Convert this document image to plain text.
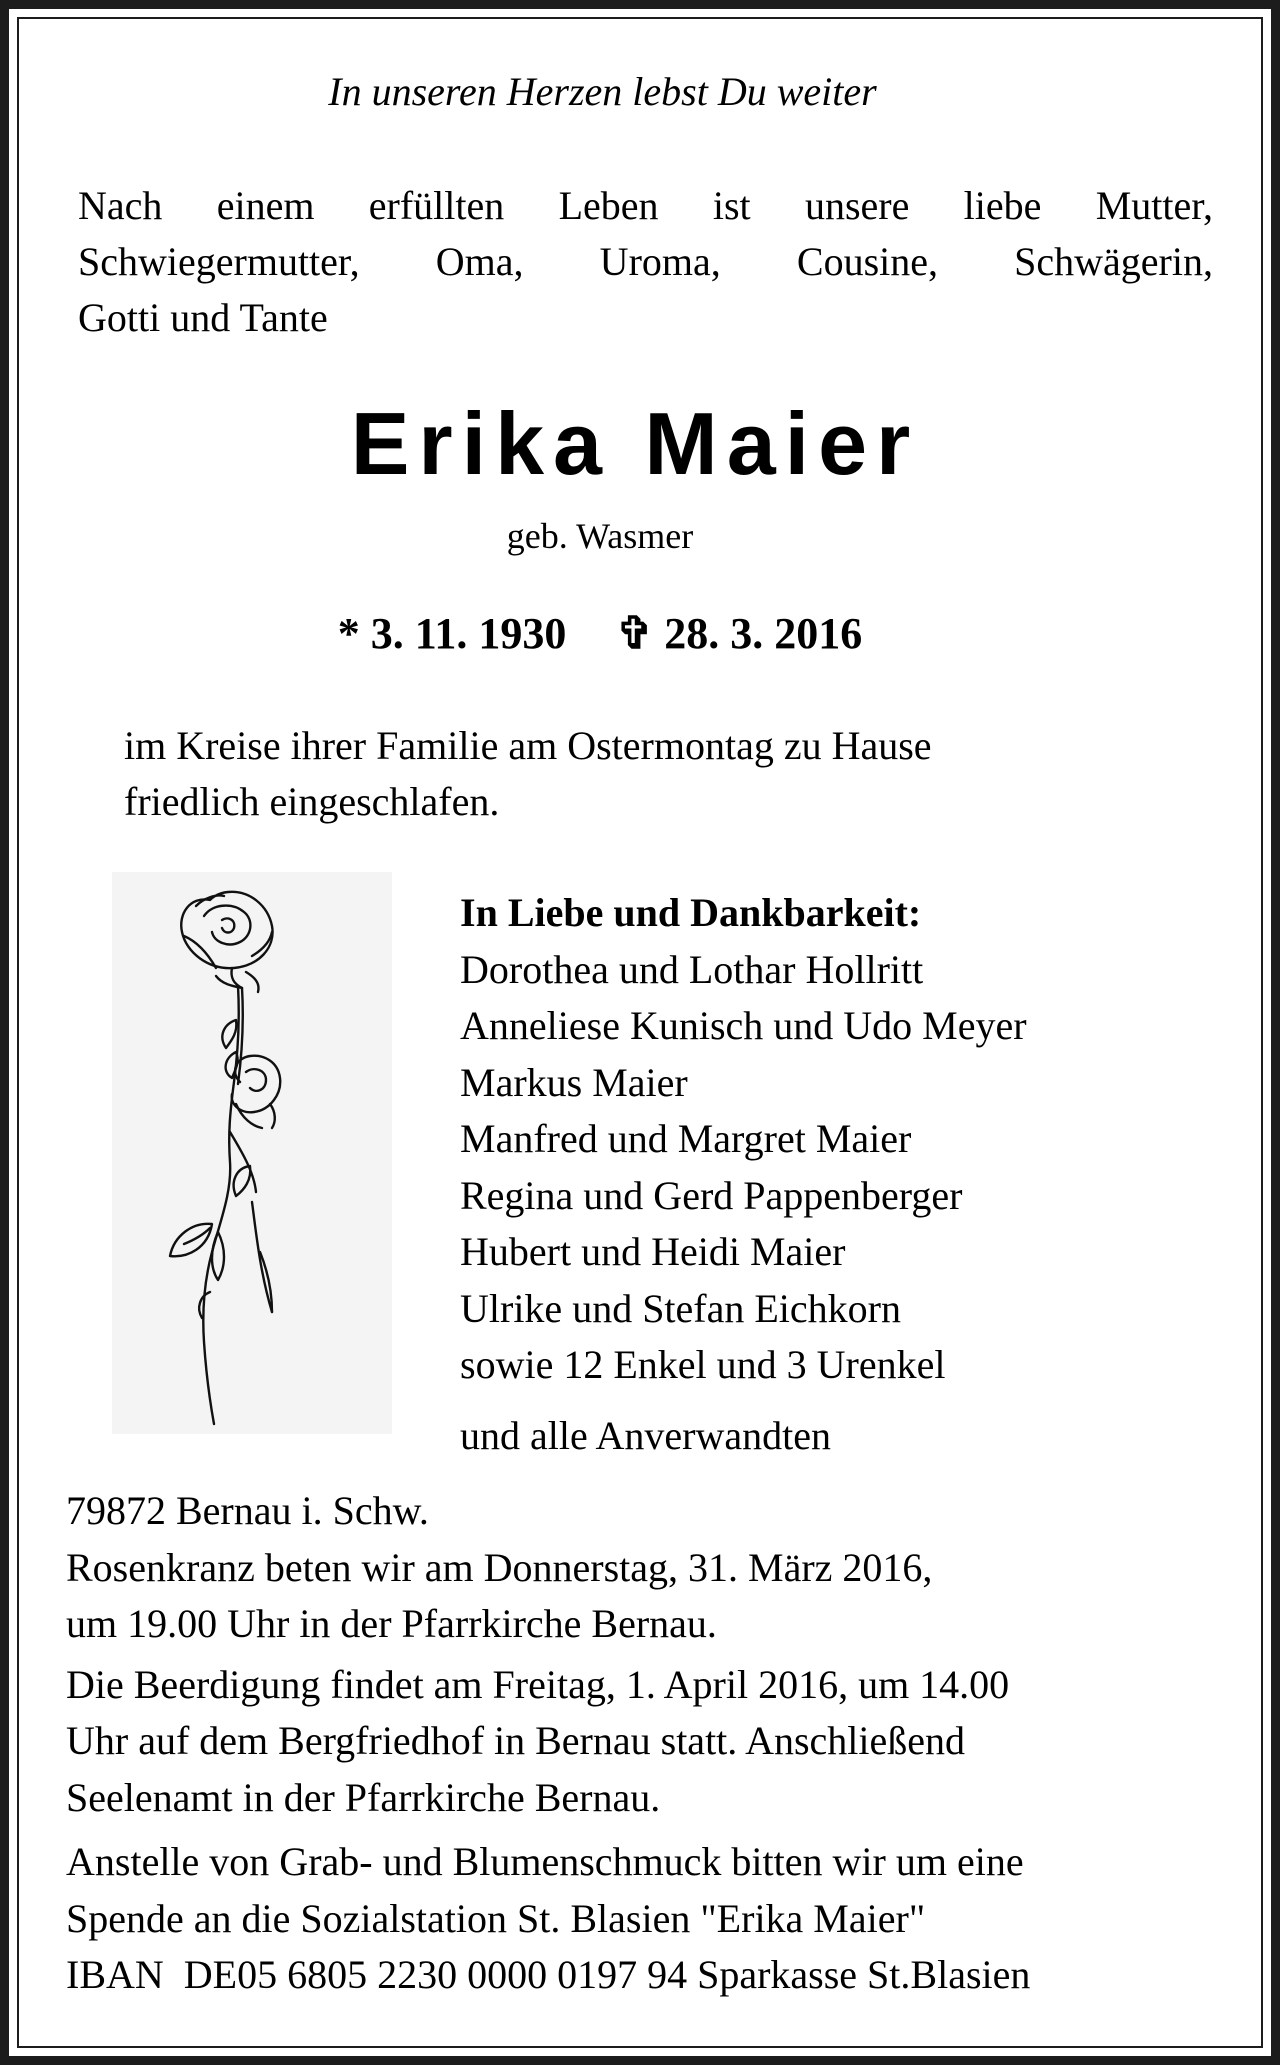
In unseren Herzen lebst Du weiter
Nach einem erfüllten Leben ist unsere liebe Mutter,
Schwiegermutter, Oma, Uroma, Cousine, Schwägerin,
Gotti und Tante
Erika Maier
geb. Wasmer
* 3. 11. 1930 ✞ 28. 3. 2016
im Kreise ihrer Familie am Ostermontag zu Hause
friedlich eingeschlafen.
In Liebe und Dankbarkeit:
Dorothea und Lothar Hollritt
Anneliese Kunisch und Udo Meyer
Markus Maier
Manfred und Margret Maier
Regina und Gerd Pappenberger
Hubert und Heidi Maier
Ulrike und Stefan Eichkorn
sowie 12 Enkel und 3 Urenkel
und alle Anverwandten
79872 Bernau i. Schw.
Rosenkranz beten wir am Donnerstag, 31. März 2016,
um 19.00 Uhr in der Pfarrkirche Bernau.
Die Beerdigung findet am Freitag, 1. April 2016, um 14.00
Uhr auf dem Bergfriedhof in Bernau statt. Anschließend
Seelenamt in der Pfarrkirche Bernau.
Anstelle von Grab- und Blumenschmuck bitten wir um eine
Spende an die Sozialstation St. Blasien "Erika Maier"
IBAN  DE05 6805 2230 0000 0197 94 Sparkasse St.Blasien
